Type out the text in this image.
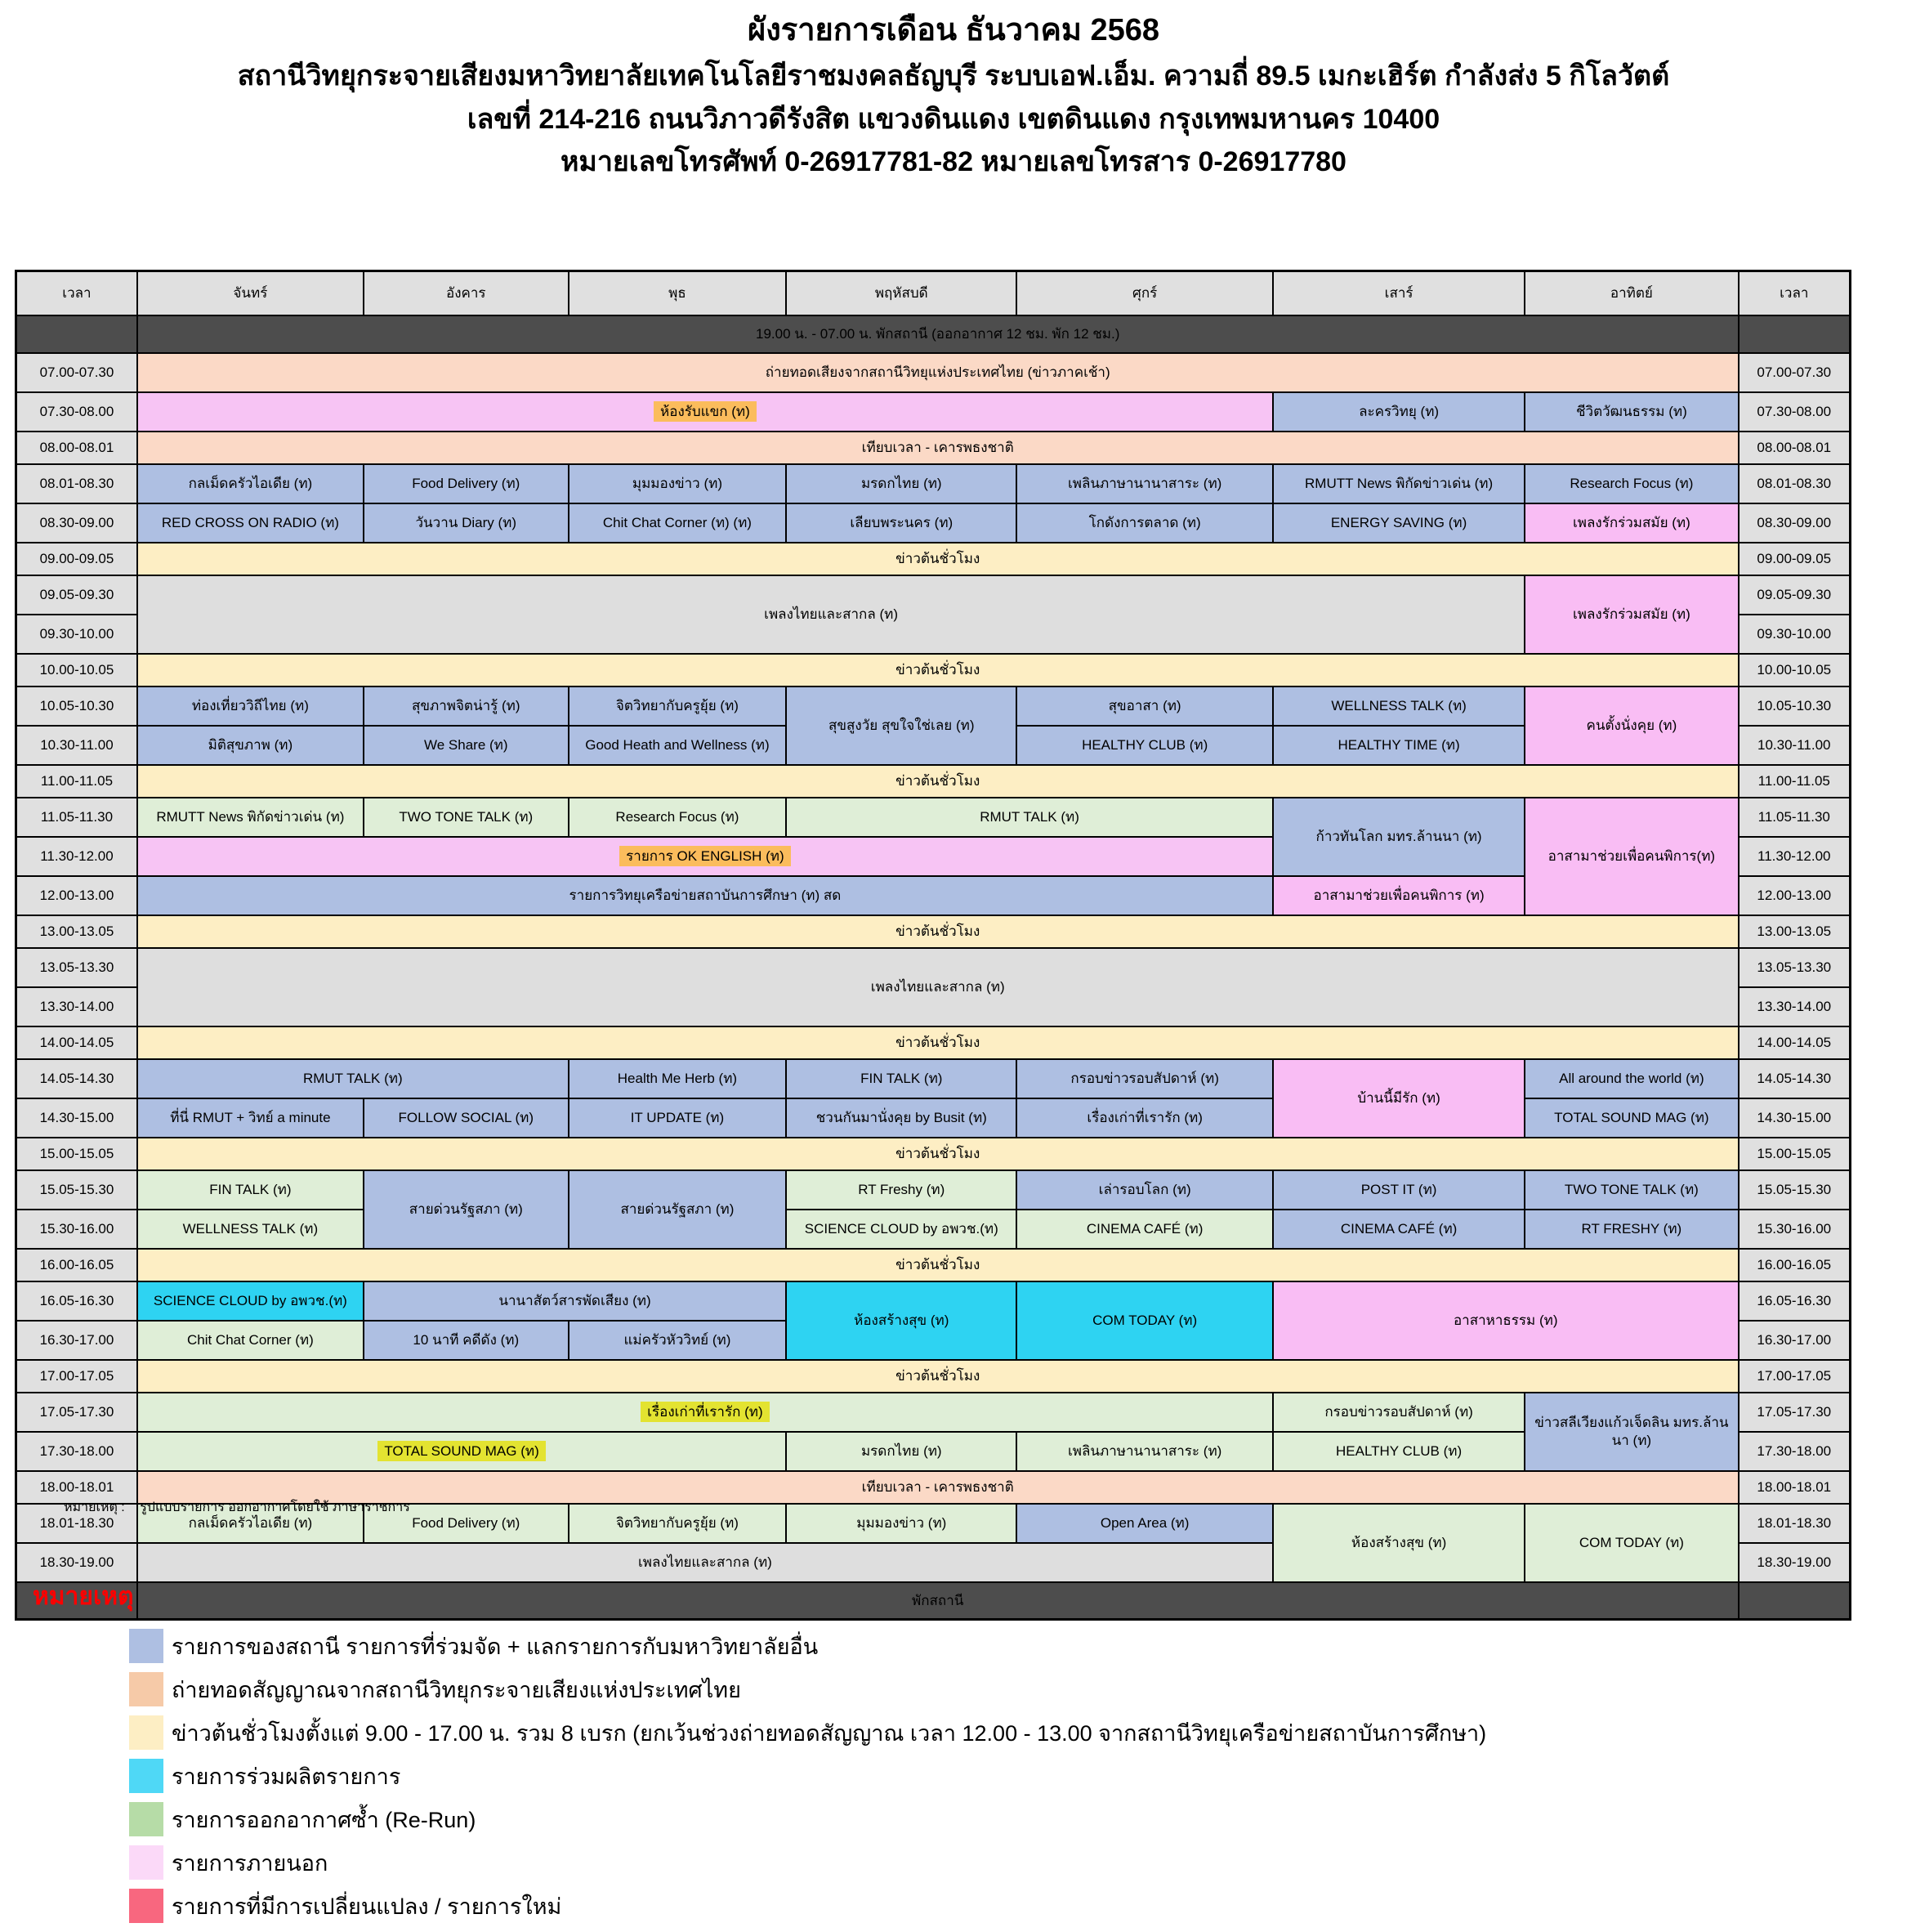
ผังรายการเดือน ธันวาคม 2568
สถานีวิทยุกระจายเสียงมหาวิทยาลัยเทคโนโลยีราชมงคลธัญบุรี ระบบเอฟ.เอ็ม. ความถี่ 89.5 เมกะเฮิร์ต กำลังส่ง 5 กิโลวัตต์
เลขที่ 214-216 ถนนวิภาวดีรังสิต แขวงดินแดง เขตดินแดง กรุงเทพมหานคร 10400
หมายเลขโทรศัพท์ 0-26917781-82 หมายเลขโทรสาร 0-26917780
เวลา	จันทร์	อังคาร	พุธ	พฤหัสบดี	ศุกร์	เสาร์	อาทิตย์	เวลา
	19.00 น. - 07.00 น. พักสถานี (ออกอากาศ 12 ชม. พัก 12 ชม.)							
07.00-07.30	ถ่ายทอดเสียงจากสถานีวิทยุแห่งประเทศไทย (ข่าวภาคเช้า)							07.00-07.30
07.30-08.00	ห้องรับแขก (ท)					ละครวิทยุ (ท)	ชีวิตวัฒนธรรม (ท)	07.30-08.00
08.00-08.01	เทียบเวลา - เคารพธงชาติ							08.00-08.01
08.01-08.30	กลเม็ดครัวไอเดีย (ท)	Food Delivery (ท)	มุมมองข่าว (ท)	มรดกไทย (ท)	เพลินภาษานานาสาระ (ท)	RMUTT News พิกัดข่าวเด่น (ท)	Research Focus (ท)	08.01-08.30
08.30-09.00	RED CROSS ON RADIO (ท)	วันวาน Diary (ท)	Chit Chat Corner (ท) (ท)	เลียบพระนคร (ท)	โกดังการตลาด (ท)	ENERGY SAVING (ท)	เพลงรักร่วมสมัย (ท)	08.30-09.00
09.00-09.05	ข่าวต้นชั่วโมง							09.00-09.05
09.05-09.30	เพลงไทยและสากล (ท)						เพลงรักร่วมสมัย (ท)	09.05-09.30
09.30-10.00								09.30-10.00
10.00-10.05	ข่าวต้นชั่วโมง							10.00-10.05
10.05-10.30	ท่องเที่ยววิถีไทย (ท)	สุขภาพจิตน่ารู้ (ท)	จิตวิทยากับครูยุ้ย (ท)	สุขสูงวัย สุขใจใช่เลย (ท)	สุขอาสา (ท)	WELLNESS TALK (ท)	คนตั้งนั่งคุย (ท)	10.05-10.30
10.30-11.00	มิติสุขภาพ (ท)	We Share (ท)	Good Heath and Wellness (ท)		HEALTHY CLUB (ท)	HEALTHY TIME (ท)		10.30-11.00
11.00-11.05	ข่าวต้นชั่วโมง							11.00-11.05
11.05-11.30	RMUTT News พิกัดข่าวเด่น (ท)	TWO TONE TALK (ท)	Research Focus (ท)	RMUT TALK (ท)		ก้าวทันโลก มทร.ล้านนา (ท)	อาสามาช่วยเพื่อคนพิการ(ท)	11.05-11.30
11.30-12.00	รายการ OK ENGLISH (ท)							11.30-12.00
12.00-13.00	รายการวิทยุเครือข่ายสถาบันการศึกษา (ท) สด					อาสามาช่วยเพื่อคนพิการ (ท)		12.00-13.00
13.00-13.05	ข่าวต้นชั่วโมง							13.00-13.05
13.05-13.30	เพลงไทยและสากล (ท)							13.05-13.30
13.30-14.00								13.30-14.00
14.00-14.05	ข่าวต้นชั่วโมง							14.00-14.05
14.05-14.30	RMUT TALK (ท)		Health Me Herb (ท)	FIN TALK (ท)	กรอบข่าวรอบสัปดาห์ (ท)	บ้านนี้มีรัก (ท)	All around the world (ท)	14.05-14.30
14.30-15.00	ที่นี่ RMUT + วิทย์ a minute	FOLLOW SOCIAL (ท)	IT UPDATE (ท)	ชวนกันมานั่งคุย by Busit (ท)	เรื่องเก่าที่เรารัก (ท)		TOTAL SOUND MAG (ท)	14.30-15.00
15.00-15.05	ข่าวต้นชั่วโมง							15.00-15.05
15.05-15.30	FIN TALK (ท)	สายด่วนรัฐสภา (ท)	สายด่วนรัฐสภา (ท)	RT Freshy (ท)	เล่ารอบโลก (ท)	POST IT (ท)	TWO TONE TALK (ท)	15.05-15.30
15.30-16.00	WELLNESS TALK (ท)			SCIENCE CLOUD by อพวช.(ท)	CINEMA CAFÉ (ท)	CINEMA CAFÉ (ท)	RT FRESHY (ท)	15.30-16.00
16.00-16.05	ข่าวต้นชั่วโมง							16.00-16.05
16.05-16.30	SCIENCE CLOUD by อพวช.(ท)	นานาสัตว์สารพัดเสียง (ท)		ห้องสร้างสุข (ท)	COM TODAY (ท)	อาสาหาธรรม (ท)		16.05-16.30
16.30-17.00	Chit Chat Corner (ท)	10 นาที คดีดัง (ท)	แม่ครัวหัววิทย์ (ท)					16.30-17.00
17.00-17.05	ข่าวต้นชั่วโมง							17.00-17.05
17.05-17.30	เรื่องเก่าที่เรารัก (ท)					กรอบข่าวรอบสัปดาห์ (ท)	ข่าวสลีเวียงแก้วเจ็ดลิน มทร.ล้านนา (ท)	17.05-17.30
17.30-18.00	TOTAL SOUND MAG (ท)			มรดกไทย (ท)	เพลินภาษานานาสาระ (ท)	HEALTHY CLUB (ท)		17.30-18.00
18.00-18.01	เทียบเวลา - เคารพธงชาติ							18.00-18.01
18.01-18.30	กลเม็ดครัวไอเดีย (ท)	Food Delivery (ท)	จิตวิทยากับครูยุ้ย (ท)	มุมมองข่าว (ท)	Open Area (ท)	ห้องสร้างสุข (ท)	COM TODAY (ท)	18.01-18.30
18.30-19.00	เพลงไทยและสากล (ท)							18.30-19.00
	พักสถานี							
หมายเหตุ : รูปแบบรายการ ออกอากาศโดยใช้ ภาษาราชการ
หมายเหตุ
รายการของสถานี รายการที่ร่วมจัด + แลกรายการกับมหาวิทยาลัยอื่น
ถ่ายทอดสัญญาณจากสถานีวิทยุกระจายเสียงแห่งประเทศไทย
ข่าวต้นชั่วโมงตั้งแต่ 9.00 - 17.00 น. รวม 8 เบรก (ยกเว้นช่วงถ่ายทอดสัญญาณ เวลา 12.00 - 13.00 จากสถานีวิทยุเครือข่ายสถาบันการศึกษา)
รายการร่วมผลิตรายการ
รายการออกอากาศซ้ำ (Re-Run)
รายการภายนอก
รายการที่มีการเปลี่ยนแปลง / รายการใหม่
